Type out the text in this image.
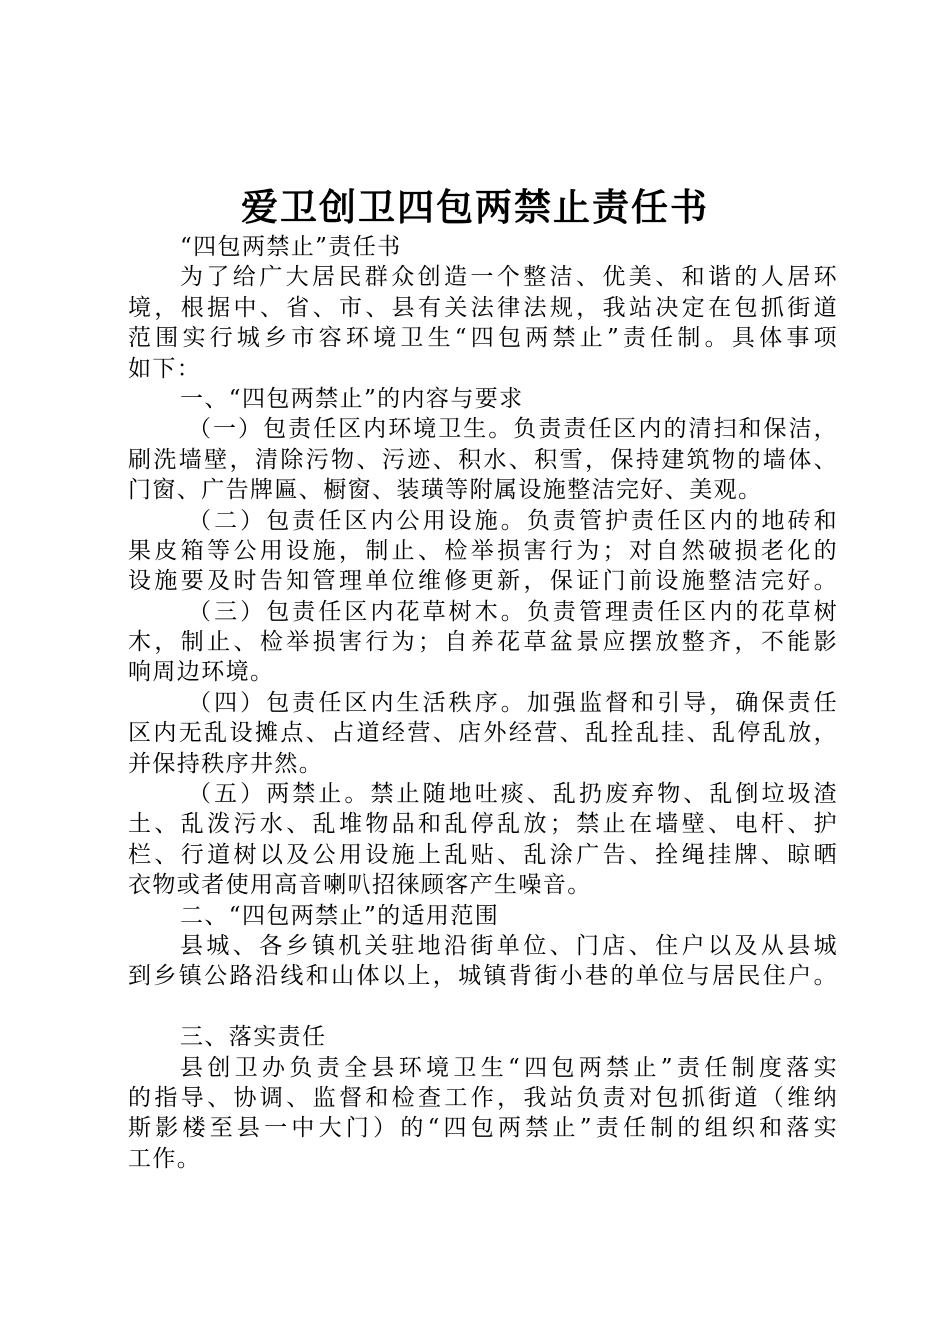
爱卫创卫四包两禁止责任书
“四包两禁止”责任书
为了给广大居民群众创造一个整洁、优美、和谐的人居环
境，根据中、省、市、县有关法律法规，我站决定在包抓街道
范围实行城乡市容环境卫生“四包两禁止”责任制。具体事项
如下：
一、“四包两禁止”的内容与要求
（一）包责任区内环境卫生。负责责任区内的清扫和保洁，
刷洗墙壁，清除污物、污迹、积水、积雪，保持建筑物的墙体、
门窗、广告牌匾、橱窗、装璜等附属设施整洁完好、美观。
（二）包责任区内公用设施。负责管护责任区内的地砖和
果皮箱等公用设施，制止、检举损害行为；对自然破损老化的
设施要及时告知管理单位维修更新，保证门前设施整洁完好。
（三）包责任区内花草树木。负责管理责任区内的花草树
木，制止、检举损害行为；自养花草盆景应摆放整齐，不能影
响周边环境。
（四）包责任区内生活秩序。加强监督和引导，确保责任
区内无乱设摊点、占道经营、店外经营、乱拴乱挂、乱停乱放，
并保持秩序井然。
（五）两禁止。禁止随地吐痰、乱扔废弃物、乱倒垃圾渣
土、乱泼污水、乱堆物品和乱停乱放；禁止在墙壁、电杆、护
栏、行道树以及公用设施上乱贴、乱涂广告、拴绳挂牌、晾晒
衣物或者使用高音喇叭招徕顾客产生噪音。
二、“四包两禁止”的适用范围
县城、各乡镇机关驻地沿街单位、门店、住户以及从县城
到乡镇公路沿线和山体以上，城镇背街小巷的单位与居民住户。
三、落实责任
县创卫办负责全县环境卫生“四包两禁止”责任制度落实
的指导、协调、监督和检查工作，我站负责对包抓街道（维纳
斯影楼至县一中大门）的“四包两禁止”责任制的组织和落实
工作。
